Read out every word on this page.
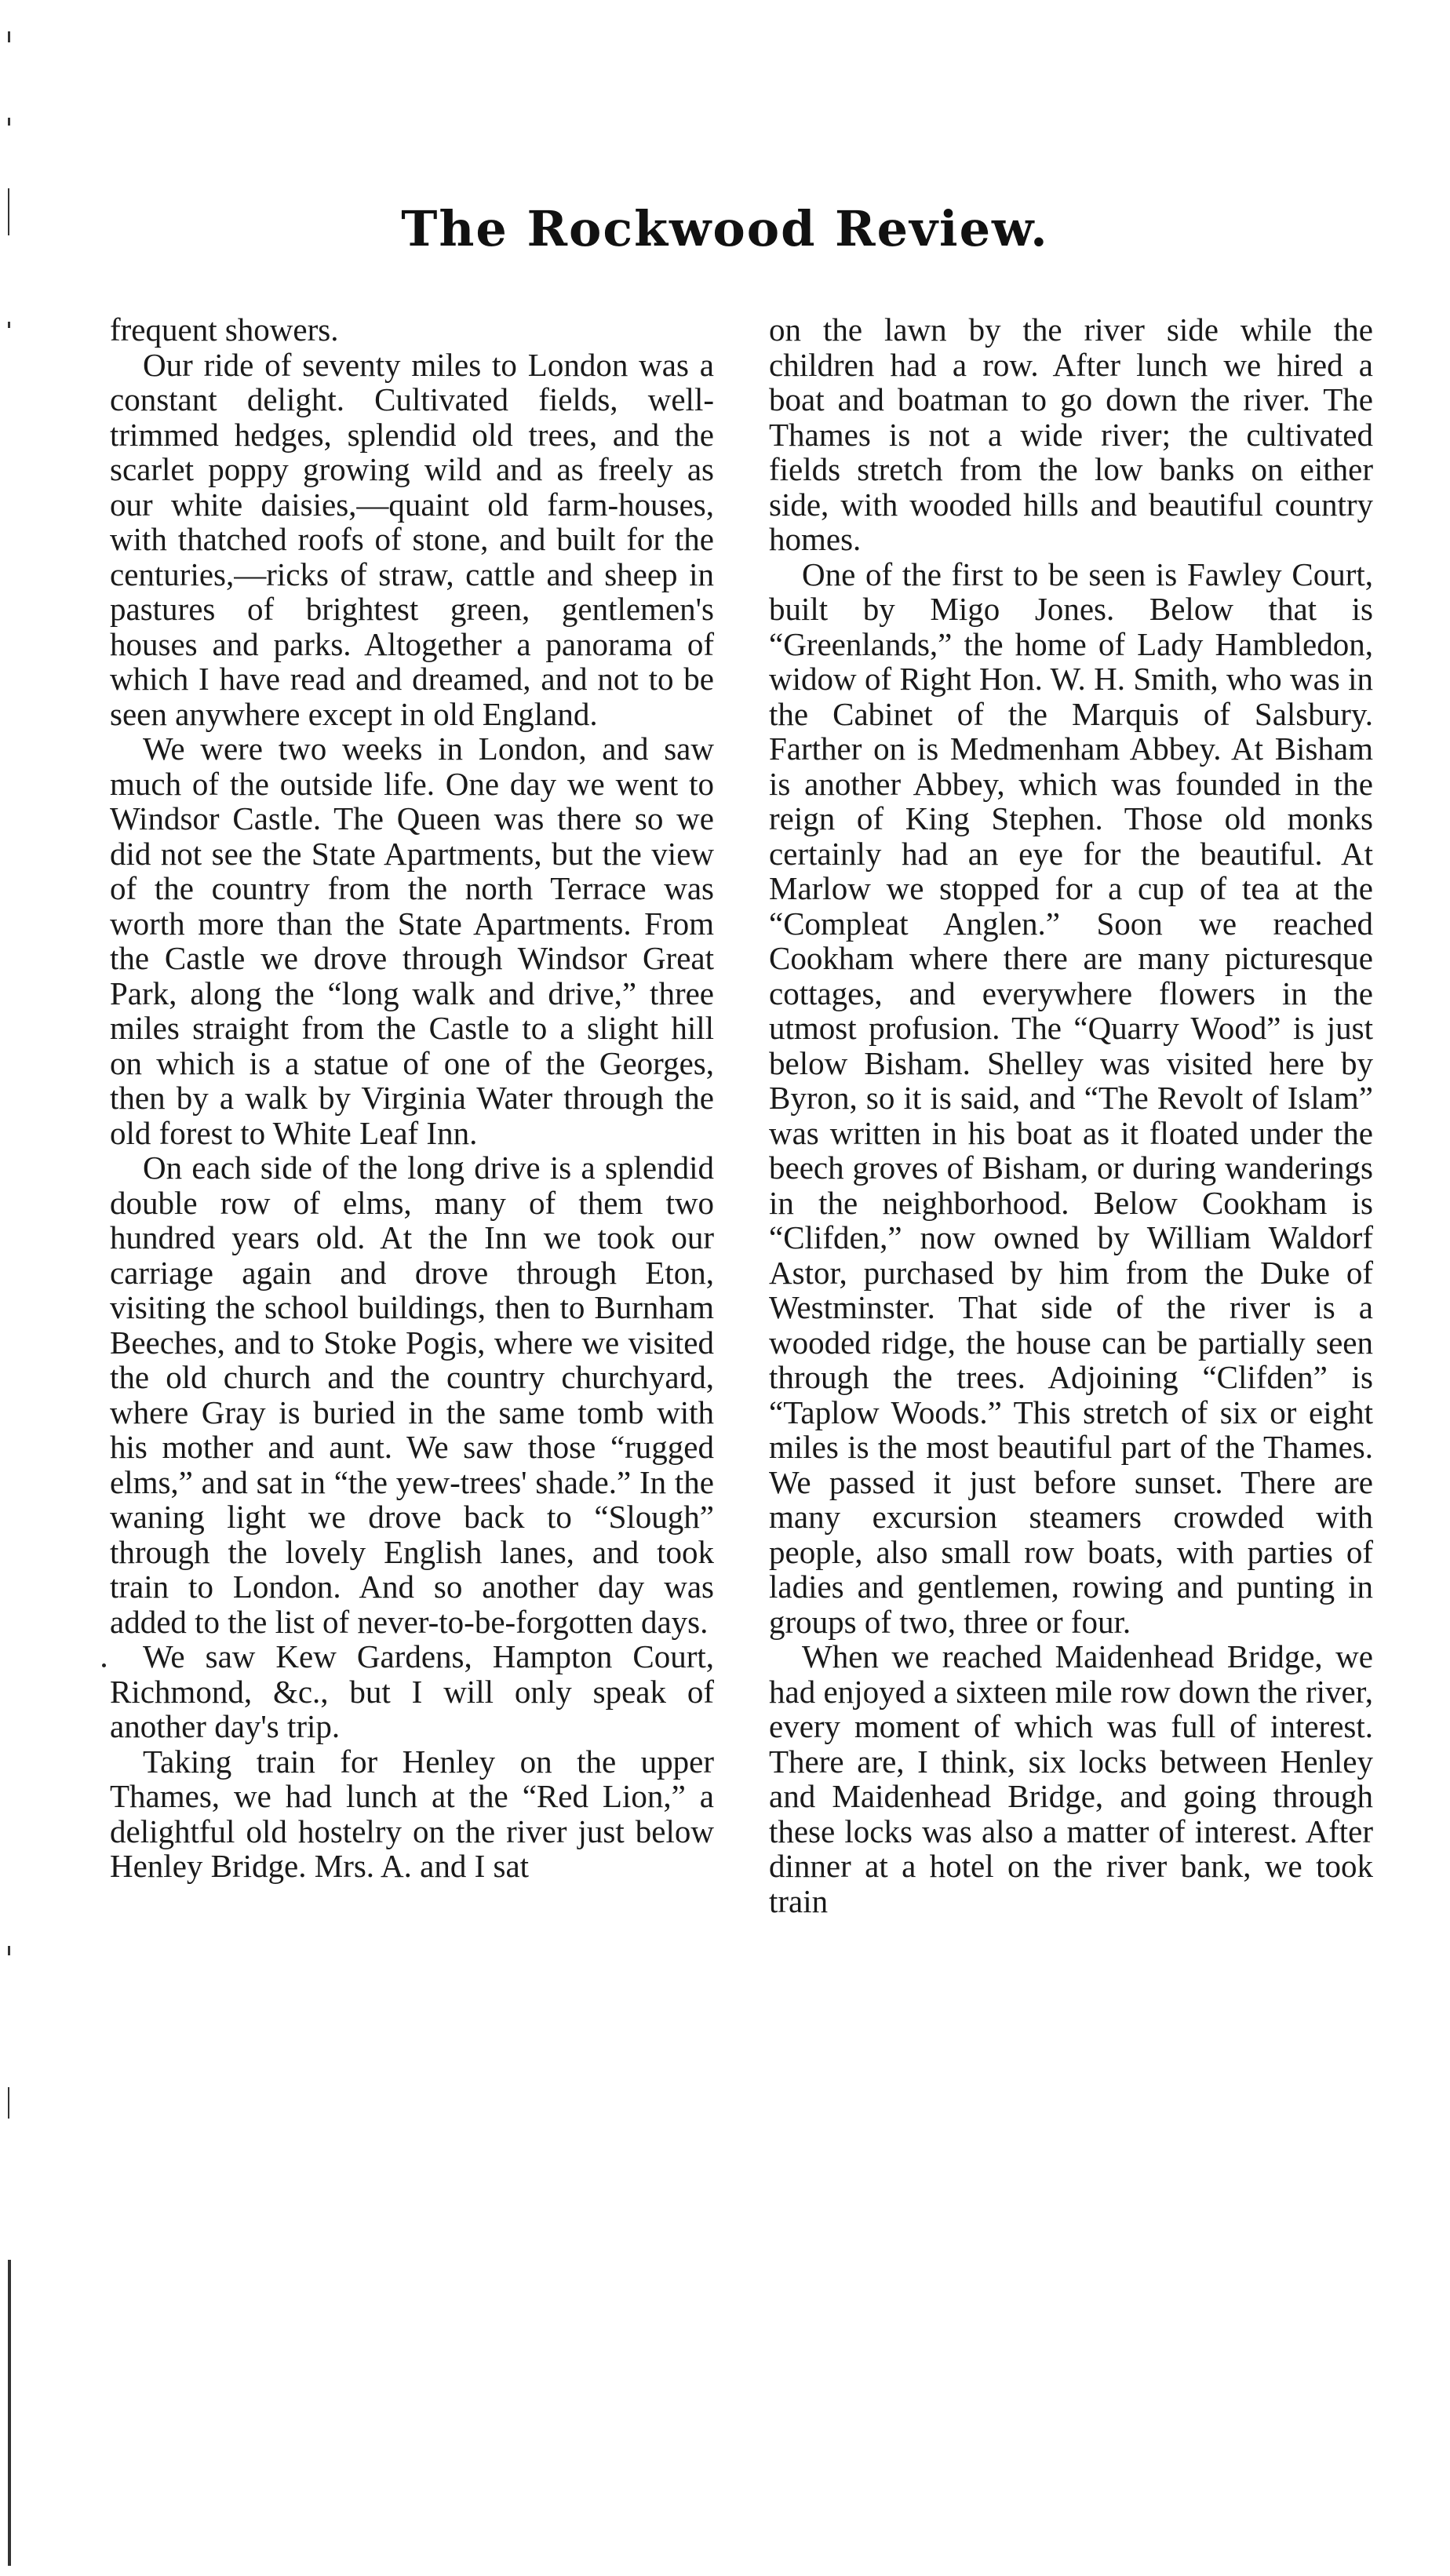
The Rockwood Review.

frequent showers.

Our ride of seventy miles to London was a constant delight. Cultivated fields, well-trimmed hedges, splendid old trees, and the scarlet poppy growing wild and as freely as our white daisies,—quaint old farm-houses, with thatched roofs of stone, and built for the centuries,—ricks of straw, cattle and sheep in pastures of brightest green, gentlemen's houses and parks. Altogether a panorama of which I have read and dreamed, and not to be seen anywhere except in old England.

We were two weeks in London, and saw much of the outside life. One day we went to Windsor Castle. The Queen was there so we did not see the State Apartments, but the view of the country from the north Terrace was worth more than the State Apartments. From the Castle we drove through Windsor Great Park, along the “long walk and drive,” three miles straight from the Castle to a slight hill on which is a statue of one of the Georges, then by a walk by Virginia Water through the old forest to White Leaf Inn.

On each side of the long drive is a splendid double row of elms, many of them two hundred years old. At the Inn we took our carriage again and drove through Eton, visiting the school buildings, then to Burnham Beeches, and to Stoke Pogis, where we visited the old church and the country churchyard, where Gray is buried in the same tomb with his mother and aunt. We saw those “rugged elms,” and sat in “the yew-trees' shade.” In the waning light we drove back to “Slough” through the lovely English lanes, and took train to London. And so another day was added to the list of never-to-be-forgotten days.

We saw Kew Gardens, Hampton Court, Richmond, &c., but I will only speak of another day's trip.

Taking train for Henley on the upper Thames, we had lunch at the “Red Lion,” a delightful old hostelry on the river just below Henley Bridge. Mrs. A. and I sat

on the lawn by the river side while the children had a row. After lunch we hired a boat and boatman to go down the river. The Thames is not a wide river; the cultivated fields stretch from the low banks on either side, with wooded hills and beautiful country homes.

One of the first to be seen is Fawley Court, built by Migo Jones. Below that is “Greenlands,” the home of Lady Hambledon, widow of Right Hon. W. H. Smith, who was in the Cabinet of the Marquis of Salsbury. Farther on is Medmenham Abbey. At Bisham is another Abbey, which was founded in the reign of King Stephen. Those old monks certainly had an eye for the beautiful. At Marlow we stopped for a cup of tea at the “Compleat Anglen.” Soon we reached Cookham where there are many picturesque cottages, and everywhere flowers in the utmost profusion. The “Quarry Wood” is just below Bisham. Shelley was visited here by Byron, so it is said, and “The Revolt of Islam” was written in his boat as it floated under the beech groves of Bisham, or during wanderings in the neighborhood. Below Cookham is “Clifden,” now owned by William Waldorf Astor, purchased by him from the Duke of Westminster. That side of the river is a wooded ridge, the house can be partially seen through the trees. Adjoining “Clifden” is “Taplow Woods.” This stretch of six or eight miles is the most beautiful part of the Thames. We passed it just before sunset. There are many excursion steamers crowded with people, also small row boats, with parties of ladies and gentlemen, rowing and punting in groups of two, three or four.

When we reached Maidenhead Bridge, we had enjoyed a sixteen mile row down the river, every moment of which was full of interest. There are, I think, six locks between Henley and Maidenhead Bridge, and going through these locks was also a matter of interest. After dinner at a hotel on the river bank, we took train
